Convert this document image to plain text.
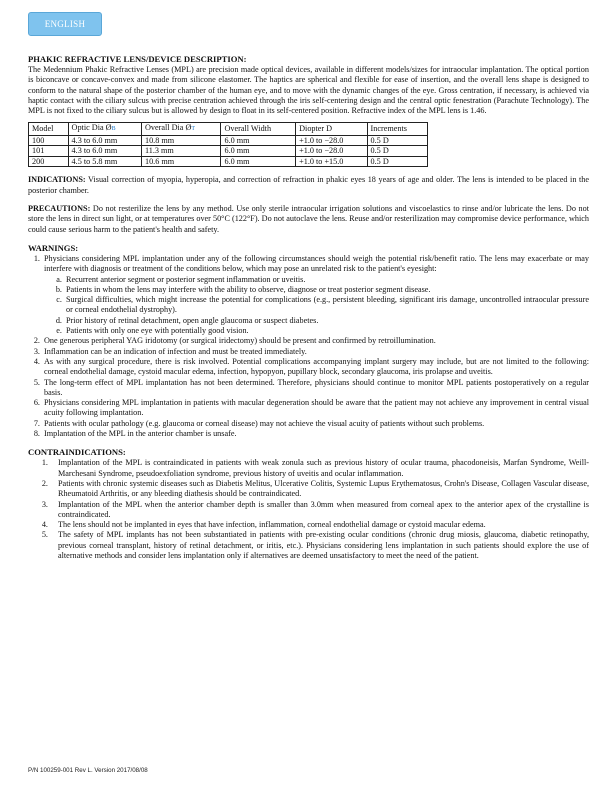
ENGLISH
PHAKIC REFRACTIVE LENS/DEVICE DESCRIPTION:

The Medennium Phakic Refractive Lenses (MPL) are precision made optical devices, available in different models/sizes for intraocular implantation. The optical portion is biconcave or concave-convex and made from silicone elastomer. The haptics are spherical and flexible for ease of insertion, and the overall lens shape is designed to conform to the natural shape of the posterior chamber of the human eye, and to move with the dynamic changes of the eye. Gross centration, if necessary, is achieved via haptic contact with the ciliary sulcus with precise centration achieved through the iris self-centering design and the central optic fenestration (Parachute Technology). The MPL is not fixed to the ciliary sulcus but is allowed by design to float in its self-centered position. Refractive index of the MPL lens is 1.46.

Model	Optic Dia ØB	Overall Dia ØT	Overall Width	Diopter D	Increments
100	4.3 to 6.0 mm	10.8 mm	6.0 mm	+1.0 to −28.0	0.5 D
101	4.3 to 6.0 mm	11.3 mm	6.0 mm	+1.0 to −28.0	0.5 D
200	4.5 to 5.8 mm	10.6 mm	6.0 mm	+1.0 to +15.0	0.5 D

INDICATIONS: Visual correction of myopia, hyperopia, and correction of refraction in phakic eyes 18 years of age and older. The lens is intended to be placed in the posterior chamber.

PRECAUTIONS: Do not resterilize the lens by any method. Use only sterile intraocular irrigation solutions and viscoelastics to rinse and/or lubricate the lens. Do not store the lens in direct sun light, or at temperatures over 50°C (122°F). Do not autoclave the lens. Reuse and/or resterilization may compromise device performance, which could cause serious harm to the patient's health and safety.

WARNINGS:
1. Physicians considering MPL implantation under any of the following circumstances should weigh the potential risk/benefit ratio. The lens may exacerbate or may interfere with diagnosis or treatment of the conditions below, which may pose an unrelated risk to the patient's eyesight:
a. Recurrent anterior segment or posterior segment inflammation or uveitis.
b. Patients in whom the lens may interfere with the ability to observe, diagnose or treat posterior segment disease.
c. Surgical difficulties, which might increase the potential for complications (e.g., persistent bleeding, significant iris damage, uncontrolled intraocular pressure or corneal endothelial dystrophy).
d. Prior history of retinal detachment, open angle glaucoma or suspect diabetes.
e. Patients with only one eye with potentially good vision.
2. One generous peripheral YAG iridotomy (or surgical iridectomy) should be present and confirmed by retroillumination.
3. Inflammation can be an indication of infection and must be treated immediately.
4. As with any surgical procedure, there is risk involved. Potential complications accompanying implant surgery may include, but are not limited to the following: corneal endothelial damage, cystoid macular edema, infection, hypopyon, pupillary block, secondary glaucoma, iris prolapse and uveitis.
5. The long-term effect of MPL implantation has not been determined. Therefore, physicians should continue to monitor MPL patients postoperatively on a regular basis.
6. Physicians considering MPL implantation in patients with macular degeneration should be aware that the patient may not achieve any improvement in central visual acuity following implantation.
7. Patients with ocular pathology (e.g. glaucoma or corneal disease) may not achieve the visual acuity of patients without such problems.
8. Implantation of the MPL in the anterior chamber is unsafe.
CONTRAINDICATIONS:
1. Implantation of the MPL is contraindicated in patients with weak zonula such as previous history of ocular trauma, phacodoneisis, Marfan Syndrome, Weill-Marchesani Syndrome, pseudoexfoliation syndrome, previous history of uveitis and ocular inflammation.
2. Patients with chronic systemic diseases such as Diabetis Melitus, Ulcerative Colitis, Systemic Lupus Erythematosus, Crohn's Disease, Collagen Vascular disease, Rheumatoid Arthritis, or any bleeding diathesis should be contraindicated.
3. Implantation of the MPL when the anterior chamber depth is smaller than 3.0mm when measured from corneal apex to the anterior apex of the crystalline is contraindicated.
4. The lens should not be implanted in eyes that have infection, inflammation, corneal endothelial damage or cystoid macular edema.
5. The safety of MPL implants has not been substantiated in patients with pre-existing ocular conditions (chronic drug miosis, glaucoma, diabetic retinopathy, previous corneal transplant, history of retinal detachment, or iritis, etc.). Physicians considering lens implantation in such patients should explore the use of alternative methods and consider lens implantation only if alternatives are deemed unsatisfactory to meet the need of the patient.
P/N 100259-001 Rev L. Version 2017/08/08
